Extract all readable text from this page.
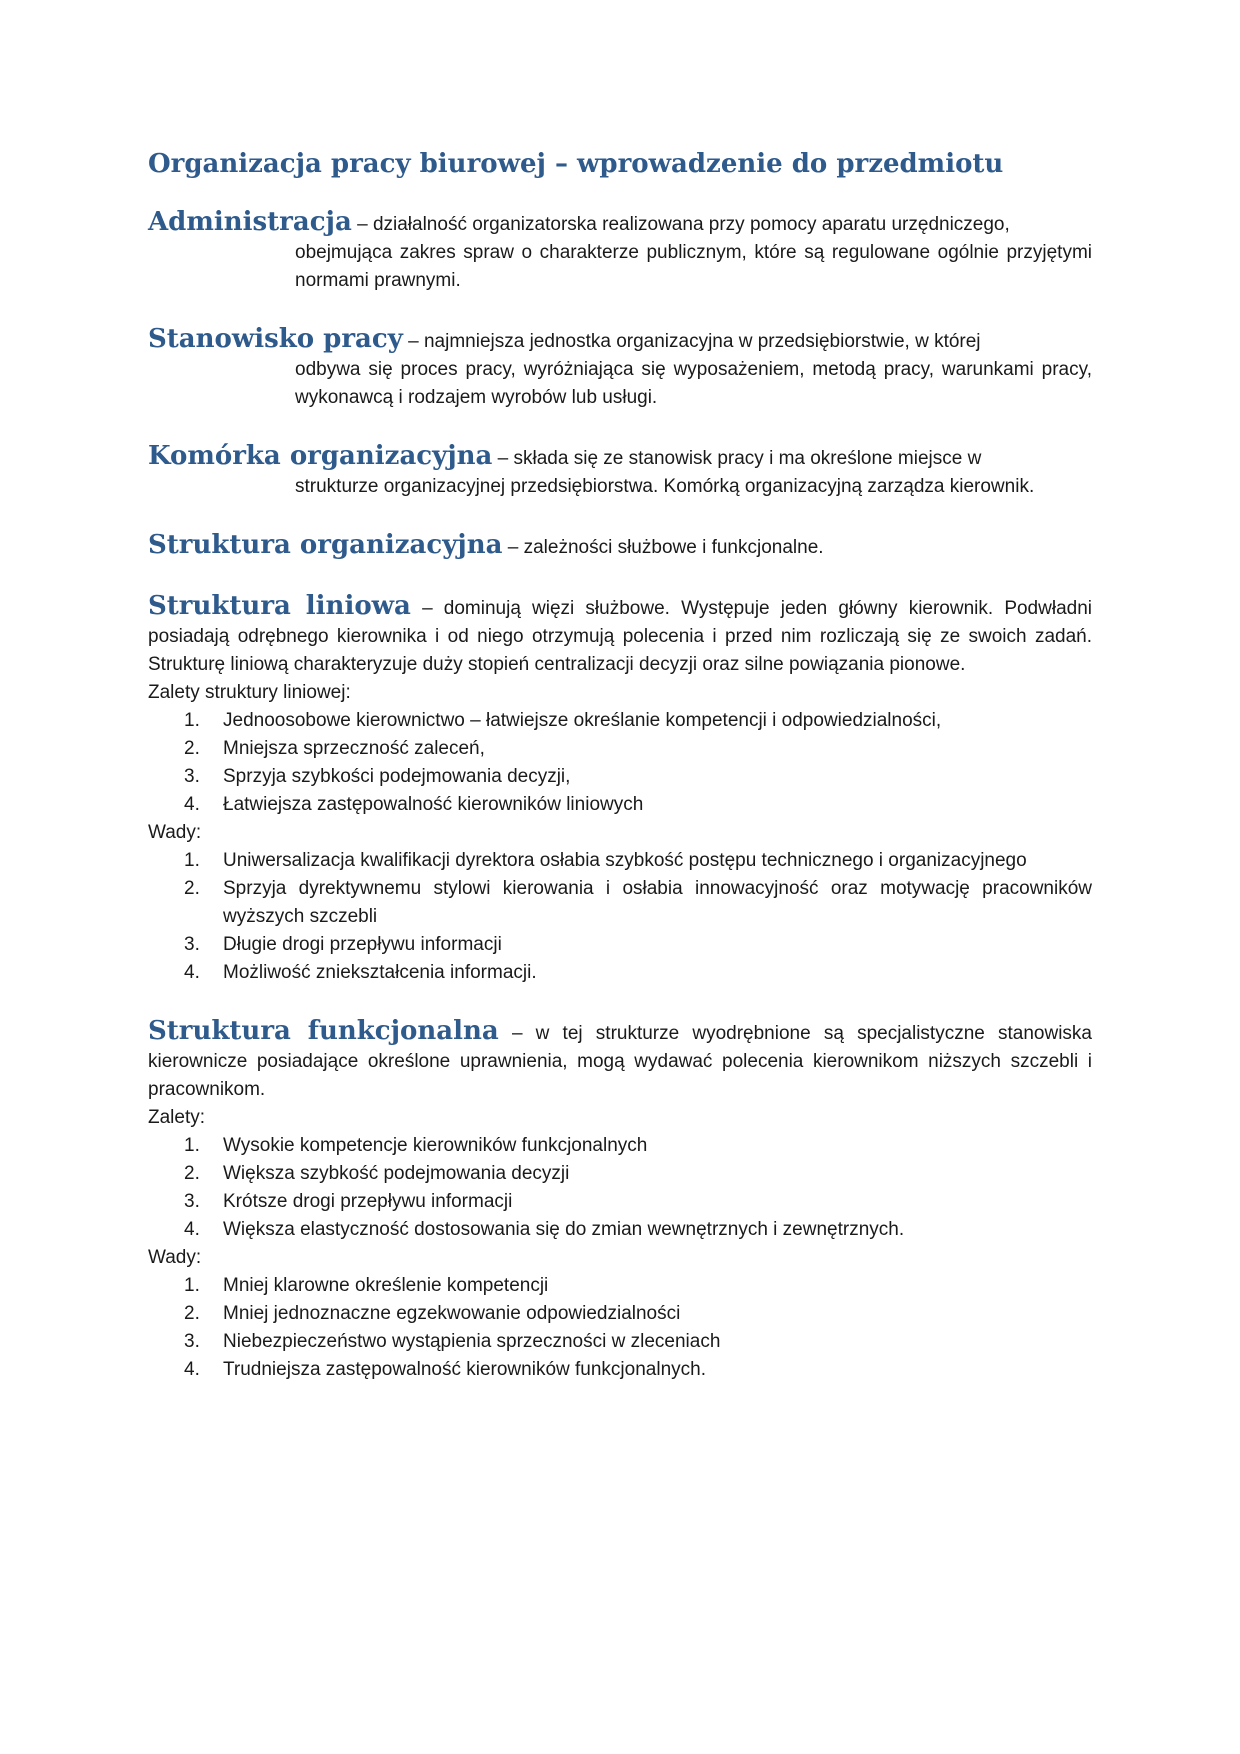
Organizacja pracy biurowej – wprowadzenie do przedmiotu
Administracja – działalność organizatorska realizowana przy pomocy aparatu urzędniczego,
obejmująca zakres spraw o charakterze publicznym, które są regulowane ogólnie przyjętymi normami prawnymi.
Stanowisko pracy – najmniejsza jednostka organizacyjna w przedsiębiorstwie, w której
odbywa się proces pracy, wyróżniająca się wyposażeniem, metodą pracy, warunkami pracy, wykonawcą i rodzajem wyrobów lub usługi.
Komórka organizacyjna – składa się ze stanowisk pracy i ma określone miejsce w
strukturze organizacyjnej przedsiębiorstwa. Komórką organizacyjną zarządza kierownik.

Struktura organizacyjna – zależności służbowe i funkcjonalne.

Struktura liniowa – dominują więzi służbowe. Występuje jeden główny kierownik. Podwładni posiadają odrębnego kierownika i od niego otrzymują polecenia i przed nim rozliczają się ze swoich zadań. Strukturę liniową charakteryzuje duży stopień centralizacji decyzji oraz silne powiązania pionowe.

Zalety struktury liniowej:

1. Jednoosobowe kierownictwo – łatwiejsze określanie kompetencji i odpowiedzialności,
2. Mniejsza sprzeczność zaleceń,
3. Sprzyja szybkości podejmowania decyzji,
4. Łatwiejsza zastępowalność kierowników liniowych

Wady:

1. Uniwersalizacja kwalifikacji dyrektora osłabia szybkość postępu technicznego i organizacyjnego
2. Sprzyja dyrektywnemu stylowi kierowania i osłabia innowacyjność oraz motywację pracowników wyższych szczebli
3. Długie drogi przepływu informacji
4. Możliwość zniekształcenia informacji.

Struktura funkcjonalna – w tej strukturze wyodrębnione są specjalistyczne stanowiska kierownicze posiadające określone uprawnienia, mogą wydawać polecenia kierownikom niższych szczebli i pracownikom.

Zalety:

1. Wysokie kompetencje kierowników funkcjonalnych
2. Większa szybkość podejmowania decyzji
3. Krótsze drogi przepływu informacji
4. Większa elastyczność dostosowania się do zmian wewnętrznych i zewnętrznych.

Wady:

1. Mniej klarowne określenie kompetencji
2. Mniej jednoznaczne egzekwowanie odpowiedzialności
3. Niebezpieczeństwo wystąpienia sprzeczności w zleceniach
4. Trudniejsza zastępowalność kierowników funkcjonalnych.
